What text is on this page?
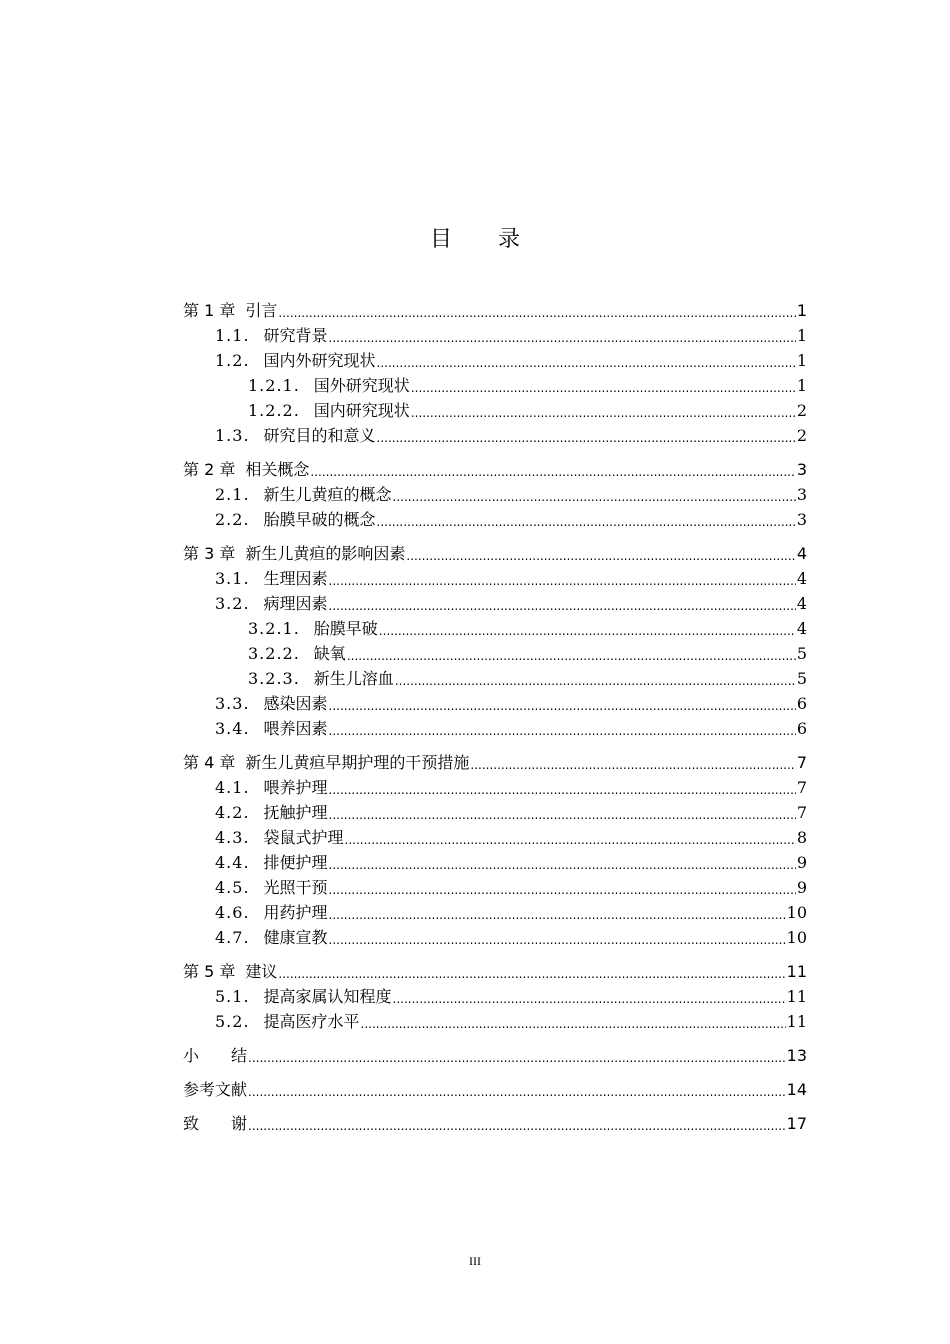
目 录
第 1 章 引言 .....	1
1.1. 研究背景 .....	1
1.2. 国内外研究现状 .....	1
1.2.1. 国外研究现状 .....	1
1.2.2. 国内研究现状 .....	2
1.3. 研究目的和意义 .....	2
第 2 章 相关概念 .....	3
2.1. 新生儿黄疸的概念 .....	3
2.2. 胎膜早破的概念 .....	3
第 3 章 新生儿黄疸的影响因素 .....	4
3.1. 生理因素 .....	4
3.2. 病理因素 .....	4
3.2.1. 胎膜早破 .....	4
3.2.2. 缺氧 .....	5
3.2.3. 新生儿溶血 .....	5
3.3. 感染因素 .....	6
3.4. 喂养因素 .....	6
第 4 章 新生儿黄疸早期护理的干预措施 .....	7
4.1. 喂养护理 .....	7
4.2. 抚触护理 .....	7
4.3. 袋鼠式护理 .....	8
4.4. 排便护理 .....	9
4.5. 光照干预 .....	9
4.6. 用药护理 .....	10
4.7. 健康宣教 .....	10
第 5 章 建议 .....	11
5.1. 提高家属认知程度 .....	11
5.2. 提高医疗水平 .....	11
小　　结 .....	13
参考文献 .....	14
致　　谢 .....	17
III
